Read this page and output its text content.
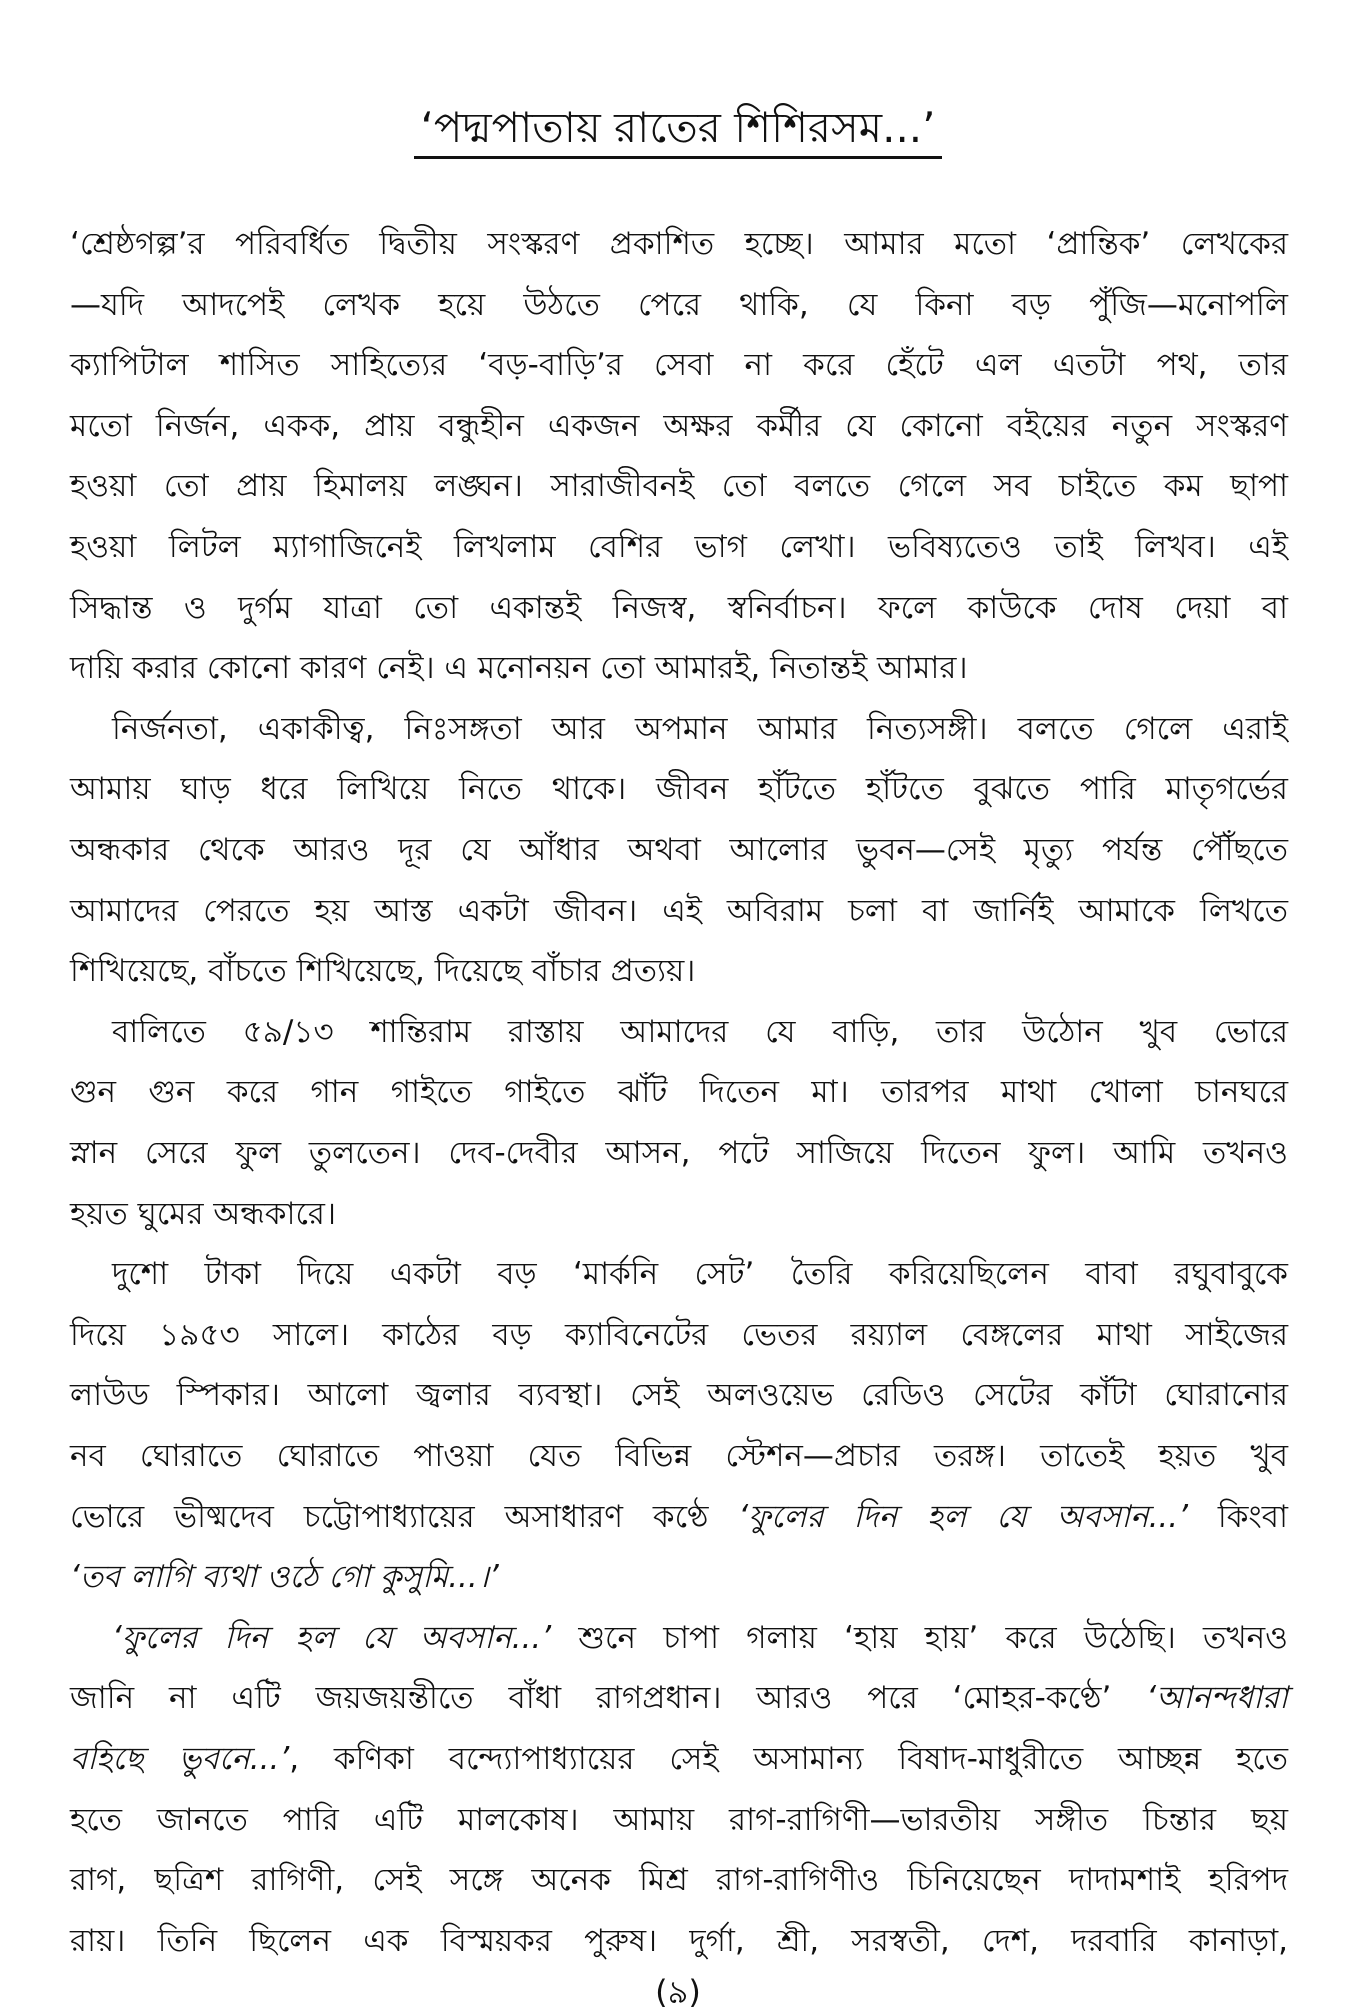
‘পদ্মপাতায় রাতের শিশিরসম...’
‘শ্রেষ্ঠগল্প’র পরিবর্ধিত দ্বিতীয় সংস্করণ প্রকাশিত হচ্ছে। আমার মতো ‘প্রান্তিক’ লেখকের
—যদি আদপেই লেখক হয়ে উঠতে পেরে থাকি, যে কিনা বড় পুঁজি—মনোপলি
ক্যাপিটাল শাসিত সাহিত্যের ‘বড়-বাড়ি’র সেবা না করে হেঁটে এল এতটা পথ, তার
মতো নির্জন, একক, প্রায় বন্ধুহীন একজন অক্ষর কর্মীর যে কোনো বইয়ের নতুন সংস্করণ
হওয়া তো প্রায় হিমালয় লঙ্ঘন। সারাজীবনই তো বলতে গেলে সব চাইতে কম ছাপা
হওয়া লিটল ম্যাগাজিনেই লিখলাম বেশির ভাগ লেখা। ভবিষ্যতেও তাই লিখব। এই
সিদ্ধান্ত ও দুর্গম যাত্রা তো একান্তই নিজস্ব, স্বনির্বাচন। ফলে কাউকে দোষ দেয়া বা
দায়ি করার কোনো কারণ নেই। এ মনোনয়ন তো আমারই, নিতান্তই আমার।
নির্জনতা, একাকীত্ব, নিঃসঙ্গতা আর অপমান আমার নিত্যসঙ্গী। বলতে গেলে এরাই
আমায় ঘাড় ধরে লিখিয়ে নিতে থাকে। জীবন হাঁটতে হাঁটতে বুঝতে পারি মাতৃগর্ভের
অন্ধকার থেকে আরও দূর যে আঁধার অথবা আলোর ভুবন—সেই মৃত্যু পর্যন্ত পৌঁছতে
আমাদের পেরতে হয় আস্ত একটা জীবন। এই অবিরাম চলা বা জার্নিই আমাকে লিখতে
শিখিয়েছে, বাঁচতে শিখিয়েছে, দিয়েছে বাঁচার প্রত্যয়।
বালিতে ৫৯/১৩ শান্তিরাম রাস্তায় আমাদের যে বাড়ি, তার উঠোন খুব ভোরে
গুন গুন করে গান গাইতে গাইতে ঝাঁট দিতেন মা। তারপর মাথা খোলা চানঘরে
স্নান সেরে ফুল তুলতেন। দেব-দেবীর আসন, পটে সাজিয়ে দিতেন ফুল। আমি তখনও
হয়ত ঘুমের অন্ধকারে।
দুশো টাকা দিয়ে একটা বড় ‘মার্কনি সেট’ তৈরি করিয়েছিলেন বাবা রঘুবাবুকে
দিয়ে ১৯৫৩ সালে। কাঠের বড় ক্যাবিনেটের ভেতর রয়্যাল বেঙ্গলের মাথা সাইজের
লাউড স্পিকার। আলো জ্বলার ব্যবস্থা। সেই অলওয়েভ রেডিও সেটের কাঁটা ঘোরানোর
নব ঘোরাতে ঘোরাতে পাওয়া যেত বিভিন্ন স্টেশন—প্রচার তরঙ্গ। তাতেই হয়ত খুব
ভোরে ভীষ্মদেব চট্টোপাধ্যায়ের অসাধারণ কণ্ঠে ‘ফুলের দিন হল যে অবসান...’ কিংবা
‘তব লাগি ব্যথা ওঠে গো কুসুমি...।’
‘ফুলের দিন হল যে অবসান...’ শুনে চাপা গলায় ‘হায় হায়’ করে উঠেছি। তখনও
জানি না এটি জয়জয়ন্তীতে বাঁধা রাগপ্রধান। আরও পরে ‘মোহর-কণ্ঠে’ ‘আনন্দধারা
বহিছে ভুবনে...’, কণিকা বন্দ্যোপাধ্যায়ের সেই অসামান্য বিষাদ-মাধুরীতে আচ্ছন্ন হতে
হতে জানতে পারি এটি মালকোষ। আমায় রাগ-রাগিণী—ভারতীয় সঙ্গীত চিন্তার ছয়
রাগ, ছত্রিশ রাগিণী, সেই সঙ্গে অনেক মিশ্র রাগ-রাগিণীও চিনিয়েছেন দাদামশাই হরিপদ
রায়। তিনি ছিলেন এক বিস্ময়কর পুরুষ। দুর্গা, শ্রী, সরস্বতী, দেশ, দরবারি কানাড়া,
(৯)
